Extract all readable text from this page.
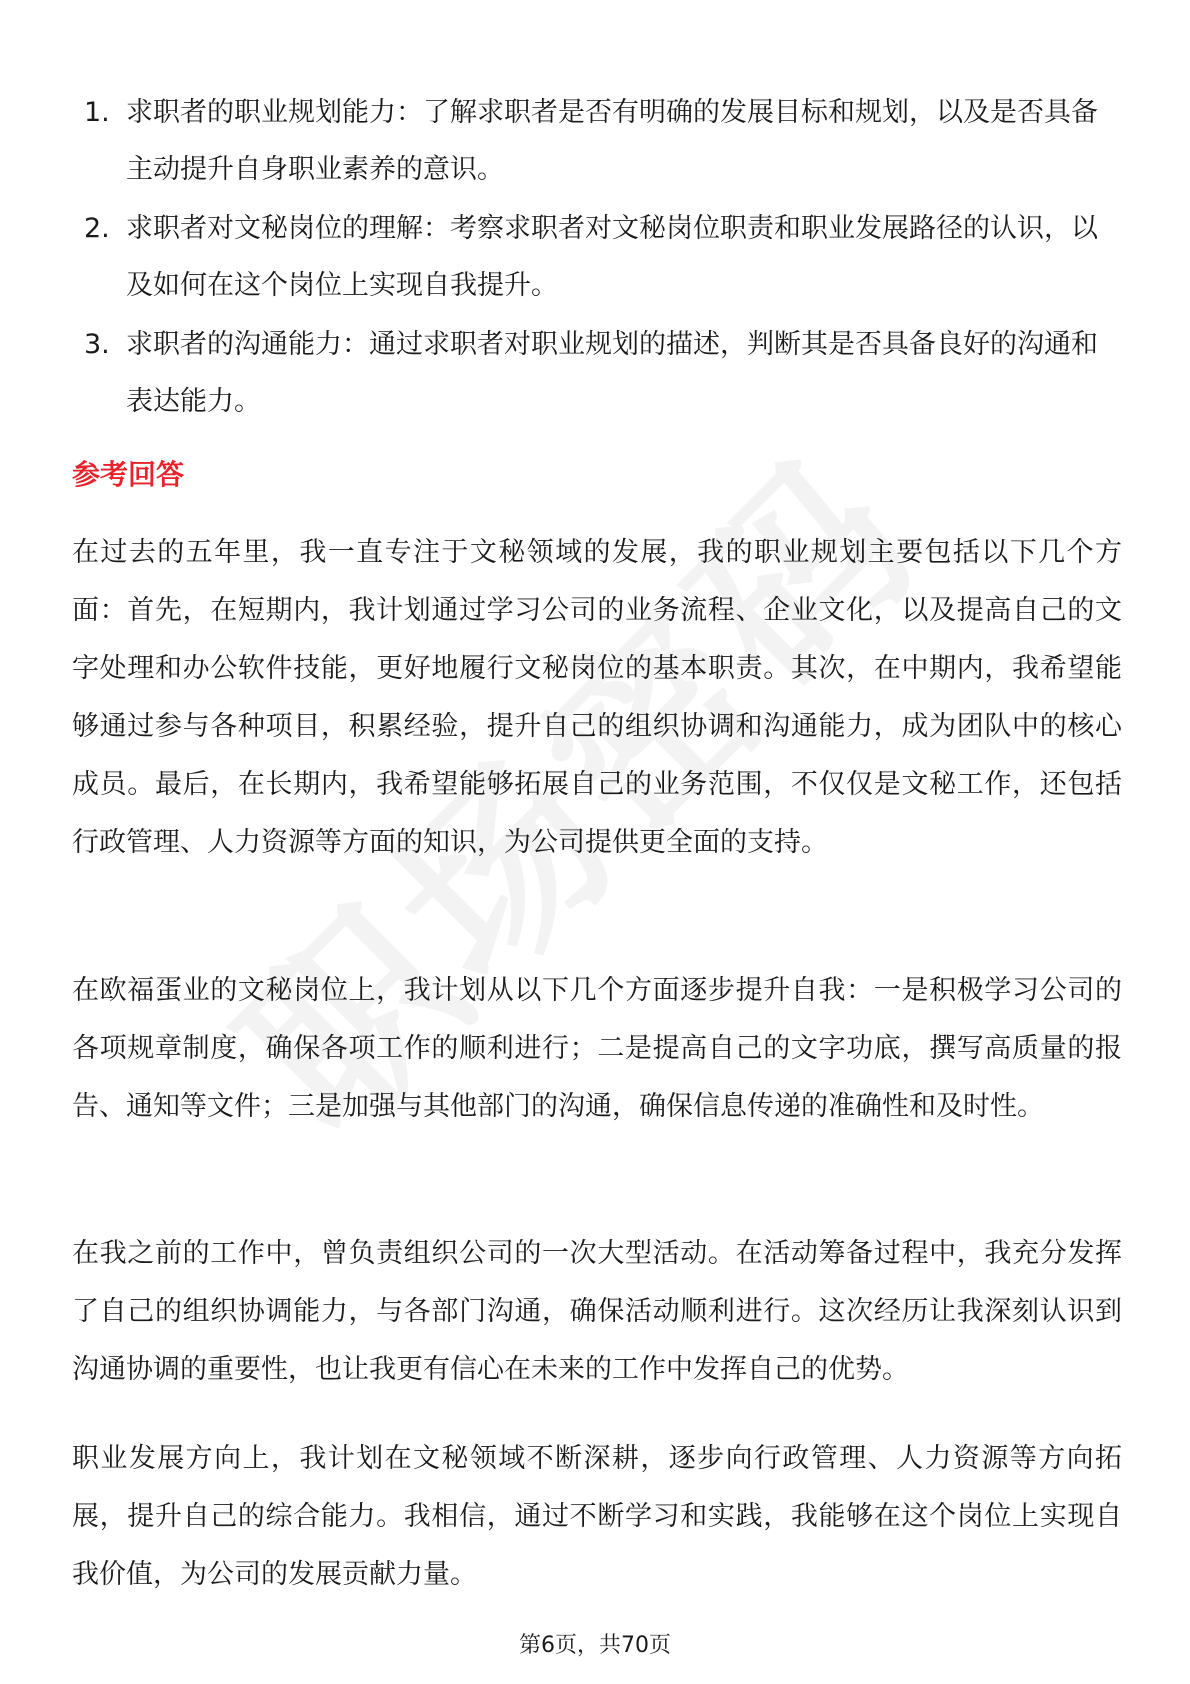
1. 求职者的职业规划能力：了解求职者是否有明确的发展目标和规划，以及是否具备主动提升自身职业素养的意识。
2. 求职者对文秘岗位的理解：考察求职者对文秘岗位职责和职业发展路径的认识，以及如何在这个岗位上实现自我提升。
3. 求职者的沟通能力：通过求职者对职业规划的描述，判断其是否具备良好的沟通和表达能力。
参考回答

在过去的五年里，我一直专注于文秘领域的发展，我的职业规划主要包括以下几个方面：首先，在短期内，我计划通过学习公司的业务流程、企业文化，以及提高自己的文字处理和办公软件技能，更好地履行文秘岗位的基本职责。其次，在中期内，我希望能够通过参与各种项目，积累经验，提升自己的组织协调和沟通能力，成为团队中的核心成员。最后，在长期内，我希望能够拓展自己的业务范围，不仅仅是文秘工作，还包括行政管理、人力资源等方面的知识，为公司提供更全面的支持。

在欧福蛋业的文秘岗位上，我计划从以下几个方面逐步提升自我：一是积极学习公司的各项规章制度，确保各项工作的顺利进行；二是提高自己的文字功底，撰写高质量的报告、通知等文件；三是加强与其他部门的沟通，确保信息传递的准确性和及时性。

在我之前的工作中，曾负责组织公司的一次大型活动。在活动筹备过程中，我充分发挥了自己的组织协调能力，与各部门沟通，确保活动顺利进行。这次经历让我深刻认识到沟通协调的重要性，也让我更有信心在未来的工作中发挥自己的优势。

职业发展方向上，我计划在文秘领域不断深耕，逐步向行政管理、人力资源等方向拓展，提升自己的综合能力。我相信，通过不断学习和实践，我能够在这个岗位上实现自我价值，为公司的发展贡献力量。

第6页，共70页
